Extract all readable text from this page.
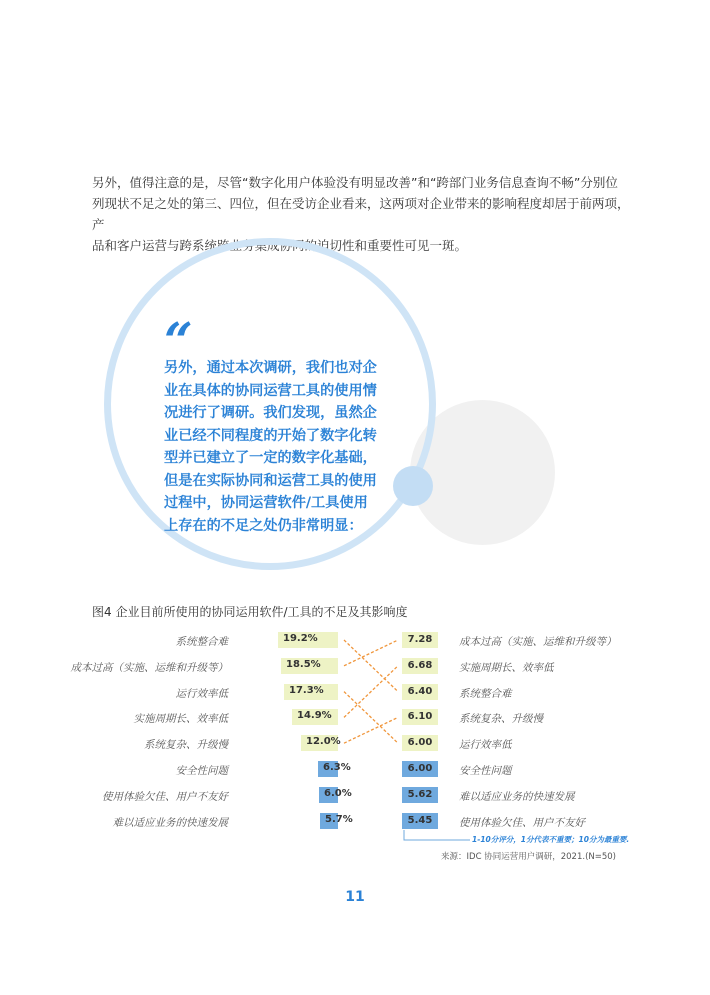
另外，值得注意的是，尽管“数字化用户体验没有明显改善”和“跨部门业务信息查询不畅”分别位

列现状不足之处的第三、四位，但在受访企业看来，这两项对企业带来的影响程度却居于前两项，产

品和客户运营与跨系统跨业务集成协同的迫切性和重要性可见一斑。

“
另外，通过本次调研，我们也对企
业在具体的协同运营工具的使用情
况进行了调研。我们发现，虽然企
业已经不同程度的开始了数字化转
型并已建立了一定的数字化基础，
但是在实际协同和运营工具的使用
过程中，协同运营软件/工具使用
上存在的不足之处仍非常明显：
图4 企业目前所使用的协同运用软件/工具的不足及其影响度
系统整合难	19.2%
成本过高（实施、运维和升级等）	18.5%
运行效率低	17.3%
实施周期长、效率低	14.9%
系统复杂、升级慢	12.0%
安全性问题	6.3%
使用体验欠佳、用户不友好	6.0%
难以适应业务的快速发展	5.7%
7.28	成本过高（实施、运维和升级等）
6.68	实施周期长、效率低
6.40	系统整合难
6.10	系统复杂、升级慢
6.00	运行效率低
6.00	安全性问题
5.62	难以适应业务的快速发展
5.45	使用体验欠佳、用户不友好
1-10分评分，1分代表不重要；10分为最重要.
来源：IDC 协同运营用户调研，2021.(N=50)
11
